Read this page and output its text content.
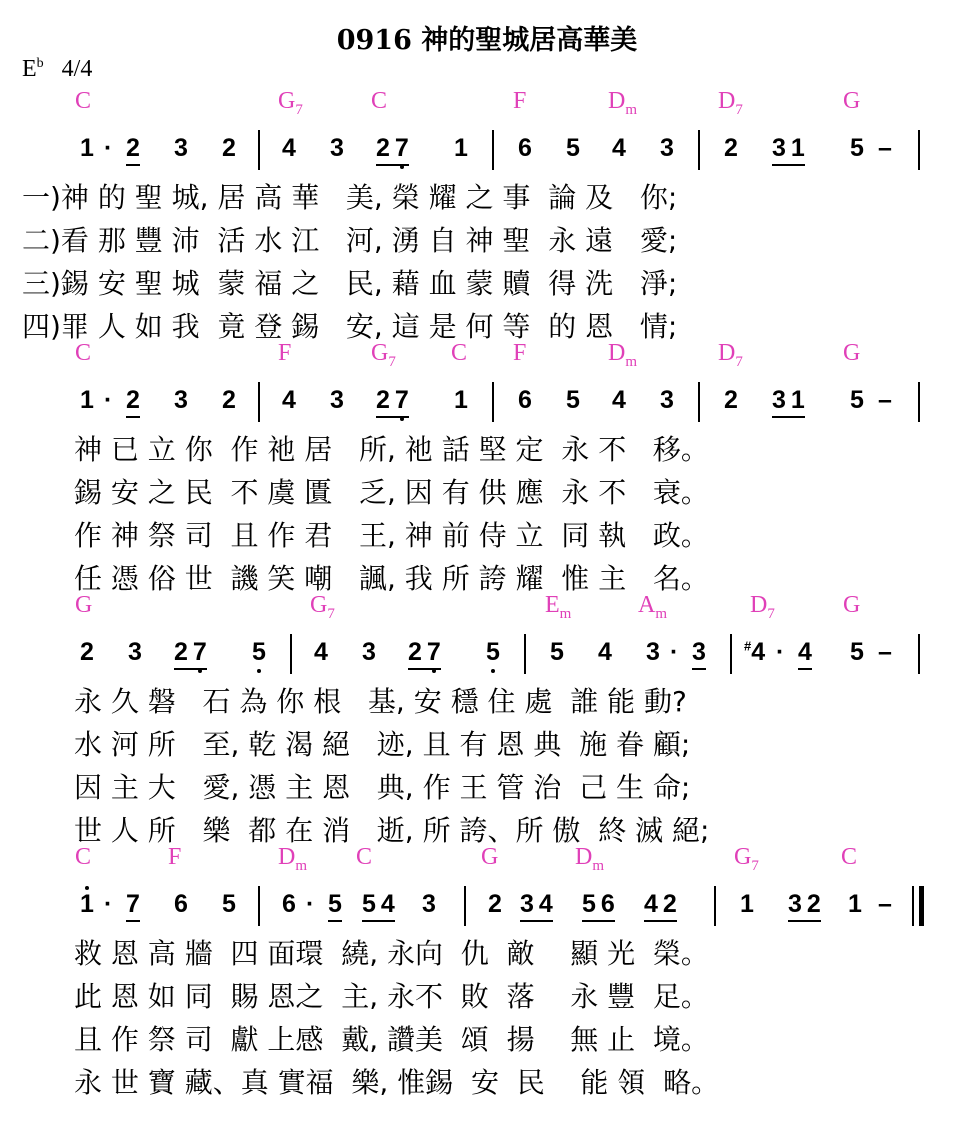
0916 神的聖城居高華美
$E^b$ 4/4
C	$G_7$	C	F	$D_m$	$D_7$	G
1 · 2 3 2 4 3 2 7 1 6 5 4 3 2 3 1 5 –
一)神 的 聖 城, 居 高 華   美, 榮 耀 之 事  論 及   你;
二)看 那 豐 沛  活 水 江   河, 湧 自 神 聖  永 遠   愛;
三)錫 安 聖 城  蒙 福 之   民, 藉 血 蒙 贖  得 洗   淨;
四)罪 人 如 我  竟 登 錫   安, 這 是 何 等  的 恩   情;
C	F	$G_7$ C F	$D_m$	$D_7$	G
1 · 2 3 2 4 3 2 7 1 6 5 4 3 2 3 1 5 –
神 已 立 你  作 祂 居   所, 祂 話 堅 定  永 不   移。
錫 安 之 民  不 虞 匱   乏, 因 有 供 應  永 不   衰。
作 神 祭 司  且 作 君   王, 神 前 侍 立  同 執   政。
任 憑 俗 世  譏 笑 嘲   諷, 我 所 誇 耀  惟 主   名。
G	$G_7$	$E_m$	$A_m$	$D_7$	G
2 3 2 7 5 4 3 2 7 5 5 4 3 · 3	#4 · 4 5 –
永 久 磐   石 為 你 根   基, 安 穩 住 處  誰 能 動?
水 河 所   至, 乾 渴 絕   迹, 且 有 恩 典  施 眷 顧;
因 主 大   愛, 憑 主 恩   典, 作 王 管 治  己 生 命;
世 人 所   樂  都 在 消   逝, 所 誇、所 傲  終 滅 絕;
C	F	$D_m$ C	G	$D_m$	$G_7$	C
1 · 7 6 5 6 · 5 5 4 3 2 3 4 5 6 4 2	1 3 2 1 –
救 恩 高 牆  四 面環  繞, 永向  仇  敵    顯 光  榮。
此 恩 如 同  賜 恩之  主, 永不  敗  落    永 豐  足。
且 作 祭 司  獻 上感  戴, 讚美  頌  揚    無 止  境。
永 世 寶 藏、真 實福  樂, 惟錫  安  民    能 領  略。
